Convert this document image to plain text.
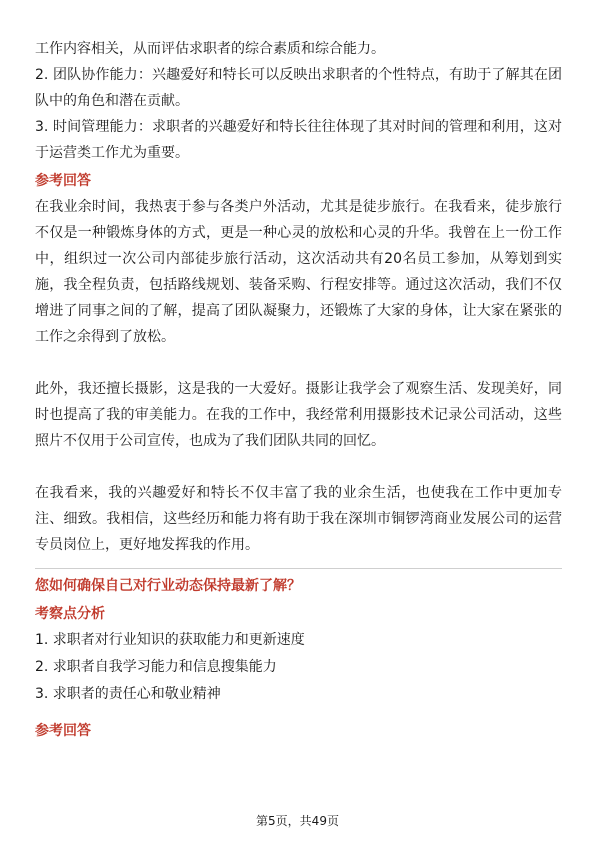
工作内容相关，从而评估求职者的综合素质和综合能力。

2. 团队协作能力：兴趣爱好和特长可以反映出求职者的个性特点，有助于了解其在团队中的角色和潜在贡献。

3. 时间管理能力：求职者的兴趣爱好和特长往往体现了其对时间的管理和利用，这对于运营类工作尤为重要。

参考回答

在我业余时间，我热衷于参与各类户外活动，尤其是徒步旅行。在我看来，徒步旅行不仅是一种锻炼身体的方式，更是一种心灵的放松和心灵的升华。我曾在上一份工作中，组织过一次公司内部徒步旅行活动，这次活动共有20名员工参加，从筹划到实施，我全程负责，包括路线规划、装备采购、行程安排等。通过这次活动，我们不仅增进了同事之间的了解，提高了团队凝聚力，还锻炼了大家的身体，让大家在紧张的工作之余得到了放松。

此外，我还擅长摄影，这是我的一大爱好。摄影让我学会了观察生活、发现美好，同时也提高了我的审美能力。在我的工作中，我经常利用摄影技术记录公司活动，这些照片不仅用于公司宣传，也成为了我们团队共同的回忆。

在我看来，我的兴趣爱好和特长不仅丰富了我的业余生活，也使我在工作中更加专注、细致。我相信，这些经历和能力将有助于我在深圳市铜锣湾商业发展公司的运营专员岗位上，更好地发挥我的作用。

您如何确保自己对行业动态保持最新了解？

考察点分析

1. 求职者对行业知识的获取能力和更新速度

2. 求职者自我学习能力和信息搜集能力

3. 求职者的责任心和敬业精神

参考回答

第5页，共49页
